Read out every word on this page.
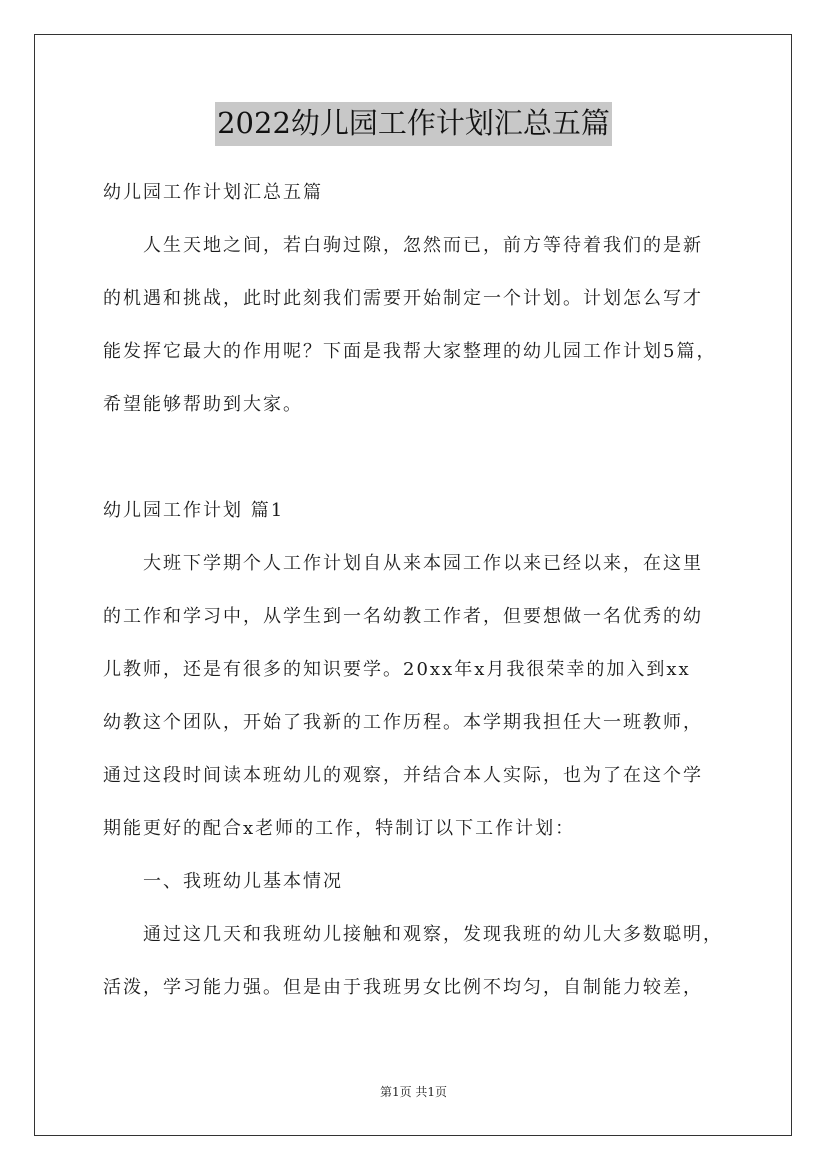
2022幼儿园工作计划汇总五篇
幼儿园工作计划汇总五篇
人生天地之间，若白驹过隙，忽然而已，前方等待着我们的是新
的机遇和挑战，此时此刻我们需要开始制定一个计划。计划怎么写才
能发挥它最大的作用呢？下面是我帮大家整理的幼儿园工作计划5篇，
希望能够帮助到大家。
幼儿园工作计划 篇1
大班下学期个人工作计划自从来本园工作以来已经以来，在这里
的工作和学习中，从学生到一名幼教工作者，但要想做一名优秀的幼
儿教师，还是有很多的知识要学。20xx年x月我很荣幸的加入到xx
幼教这个团队，开始了我新的工作历程。本学期我担任大一班教师，
通过这段时间读本班幼儿的观察，并结合本人实际，也为了在这个学
期能更好的配合x老师的工作，特制订以下工作计划：
一、我班幼儿基本情况
通过这几天和我班幼儿接触和观察，发现我班的幼儿大多数聪明，
活泼，学习能力强。但是由于我班男女比例不均匀，自制能力较差，
第1页 共1页
